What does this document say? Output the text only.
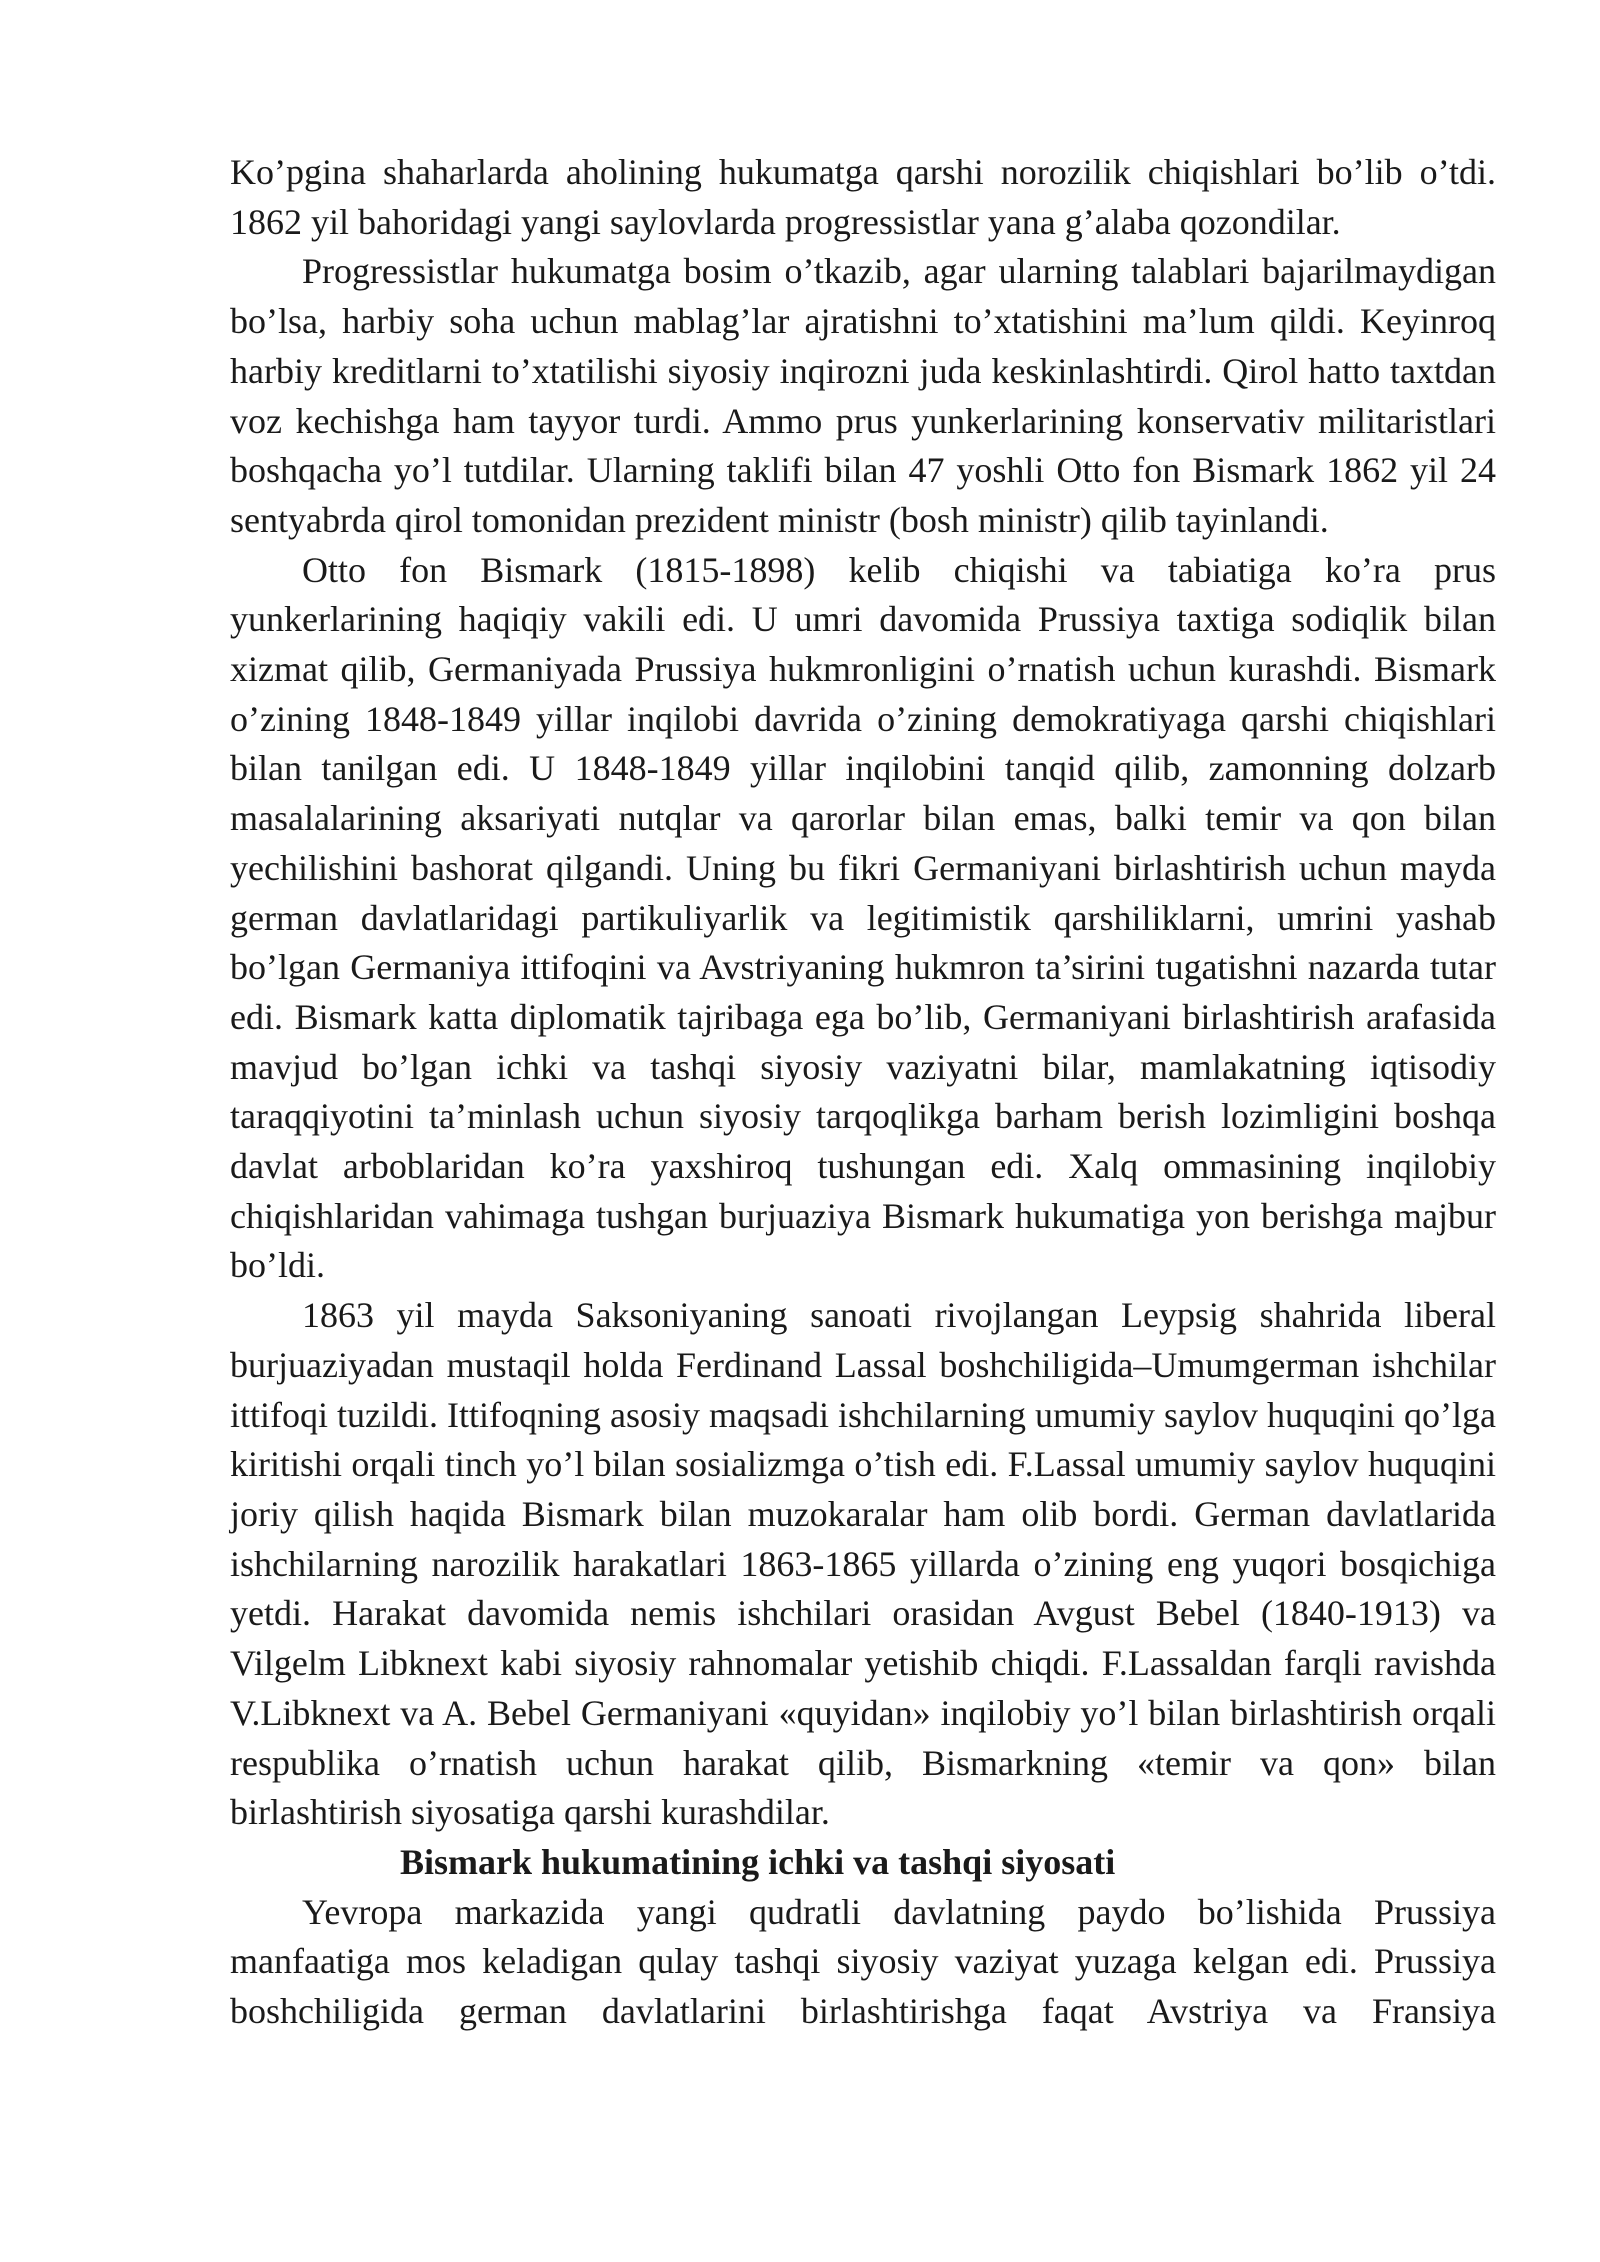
Ko’pgina shaharlarda aholining hukumatga qarshi norozilik chiqishlari bo’lib o’tdi. 1862 yil bahoridagi yangi saylovlarda progressistlar yana g’alaba qozondilar.

Progressistlar hukumatga bosim o’tkazib, agar ularning talablari bajarilmaydigan bo’lsa, harbiy soha uchun mablag’lar ajratishni to’xtatishini ma’lum qildi. Keyinroq harbiy kreditlarni to’xtatilishi siyosiy inqirozni juda keskinlashtirdi. Qirol hatto taxtdan voz kechishga ham tayyor turdi. Ammo prus yunkerlarining konservativ militaristlari boshqacha yo’l tutdilar. Ularning taklifi bilan 47 yoshli Otto fon Bismark 1862 yil 24 sentyabrda qirol tomonidan prezident ministr (bosh ministr) qilib tayinlandi.

Otto fon Bismark (1815-1898) kelib chiqishi va tabiatiga ko’ra prus yunkerlarining haqiqiy vakili edi. U umri davomida Prussiya taxtiga sodiqlik bilan xizmat qilib, Germaniyada Prussiya hukmronligini o’rnatish uchun kurashdi. Bismark o’zining 1848-1849 yillar inqilobi davrida o’zining demokratiyaga qarshi chiqishlari bilan tanilgan edi. U 1848-1849 yillar inqilobini tanqid qilib, zamonning dolzarb masalalarining aksariyati nutqlar va qarorlar bilan emas, balki temir va qon bilan yechilishini bashorat qilgandi. Uning bu fikri Germaniyani birlashtirish uchun mayda german davlatlaridagi partikuliyarlik va legitimistik qarshiliklarni, umrini yashab bo’lgan Germaniya ittifoqini va Avstriyaning hukmron ta’sirini tugatishni nazarda tutar edi. Bismark katta diplomatik tajribaga ega bo’lib, Germaniyani birlashtirish arafasida mavjud bo’lgan ichki va tashqi siyosiy vaziyatni bilar, mamlakatning iqtisodiy taraqqiyotini ta’minlash uchun siyosiy tarqoqlikga barham berish lozimligini boshqa davlat arboblaridan ko’ra yaxshiroq tushungan edi. Xalq ommasining inqilobiy chiqishlaridan vahimaga tushgan burjuaziya Bismark hukumatiga yon berishga majbur bo’ldi.

1863 yil mayda Saksoniyaning sanoati rivojlangan Leypsig shahrida liberal burjuaziyadan mustaqil holda Ferdinand Lassal boshchiligida–Umumgerman ishchilar ittifoqi tuzildi. Ittifoqning asosiy maqsadi ishchilarning umumiy saylov huquqini qo’lga kiritishi orqali tinch yo’l bilan sosializmga o’tish edi. F.Lassal umumiy saylov huquqini joriy qilish haqida Bismark bilan muzokaralar ham olib bordi. German davlatlarida ishchilarning narozilik harakatlari 1863-1865 yillarda o’zining eng yuqori bosqichiga yetdi. Harakat davomida nemis ishchilari orasidan Avgust Bebel (1840-1913) va Vilgelm Libknext kabi siyosiy rahnomalar yetishib chiqdi. F.Lassaldan farqli ravishda V.Libknext va A. Bebel Germaniyani «quyidan» inqilobiy yo’l bilan birlashtirish orqali respublika o’rnatish uchun harakat qilib, Bismarkning «temir va qon» bilan birlashtirish siyosatiga qarshi kurashdilar.

Bismark hukumatining ichki va tashqi siyosati

Yevropa markazida yangi qudratli davlatning paydo bo’lishida Prussiya manfaatiga mos keladigan qulay tashqi siyosiy vaziyat yuzaga kelgan edi. Prussiya boshchiligida german davlatlarini birlashtirishga faqat Avstriya va Fransiya
